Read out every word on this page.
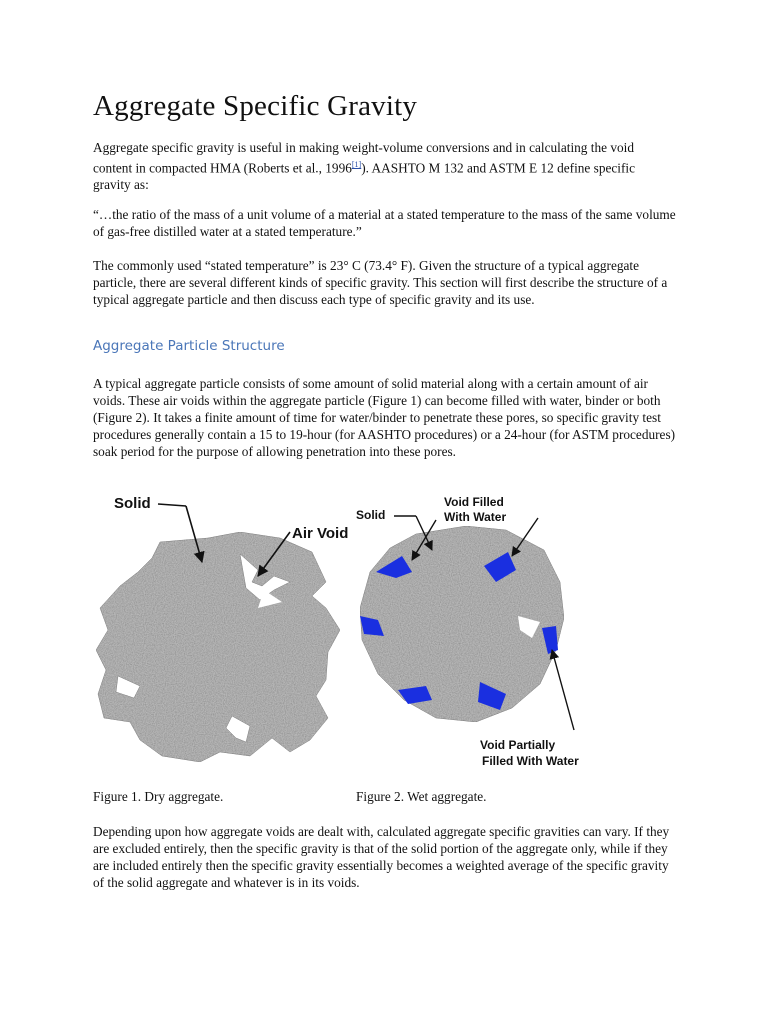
Aggregate Specific Gravity

Aggregate specific gravity is useful in making weight-volume conversions and in calculating the void content in compacted HMA (Roberts et al., 1996[1]). AASHTO M 132 and ASTM E 12 define specific gravity as:

“…the ratio of the mass of a unit volume of a material at a stated temperature to the mass of the same volume of gas-free distilled water at a stated temperature.”

The commonly used “stated temperature” is 23° C (73.4° F). Given the structure of a typical aggregate particle, there are several different kinds of specific gravity. This section will first describe the structure of a typical aggregate particle and then discuss each type of specific gravity and its use.

Aggregate Particle Structure

A typical aggregate particle consists of some amount of solid material along with a certain amount of air voids. These air voids within the aggregate particle (Figure 1) can become filled with water, binder or both (Figure 2). It takes a finite amount of time for water/binder to penetrate these pores, so specific gravity test procedures generally contain a 15 to 19-hour (for AASHTO procedures) or a 24-hour (for ASTM procedures) soak period for the purpose of allowing penetration into these pores.

Figure 1. Dry aggregate.	Figure 2. Wet aggregate.

Depending upon how aggregate voids are dealt with, calculated aggregate specific gravities can vary. If they are excluded entirely, then the specific gravity is that of the solid portion of the aggregate only, while if they are included entirely then the specific gravity essentially becomes a weighted average of the specific gravity of the solid aggregate and whatever is in its voids.

Solid
Air Void
Solid
Void Filled
With Water
Void Partially
Filled With Water
